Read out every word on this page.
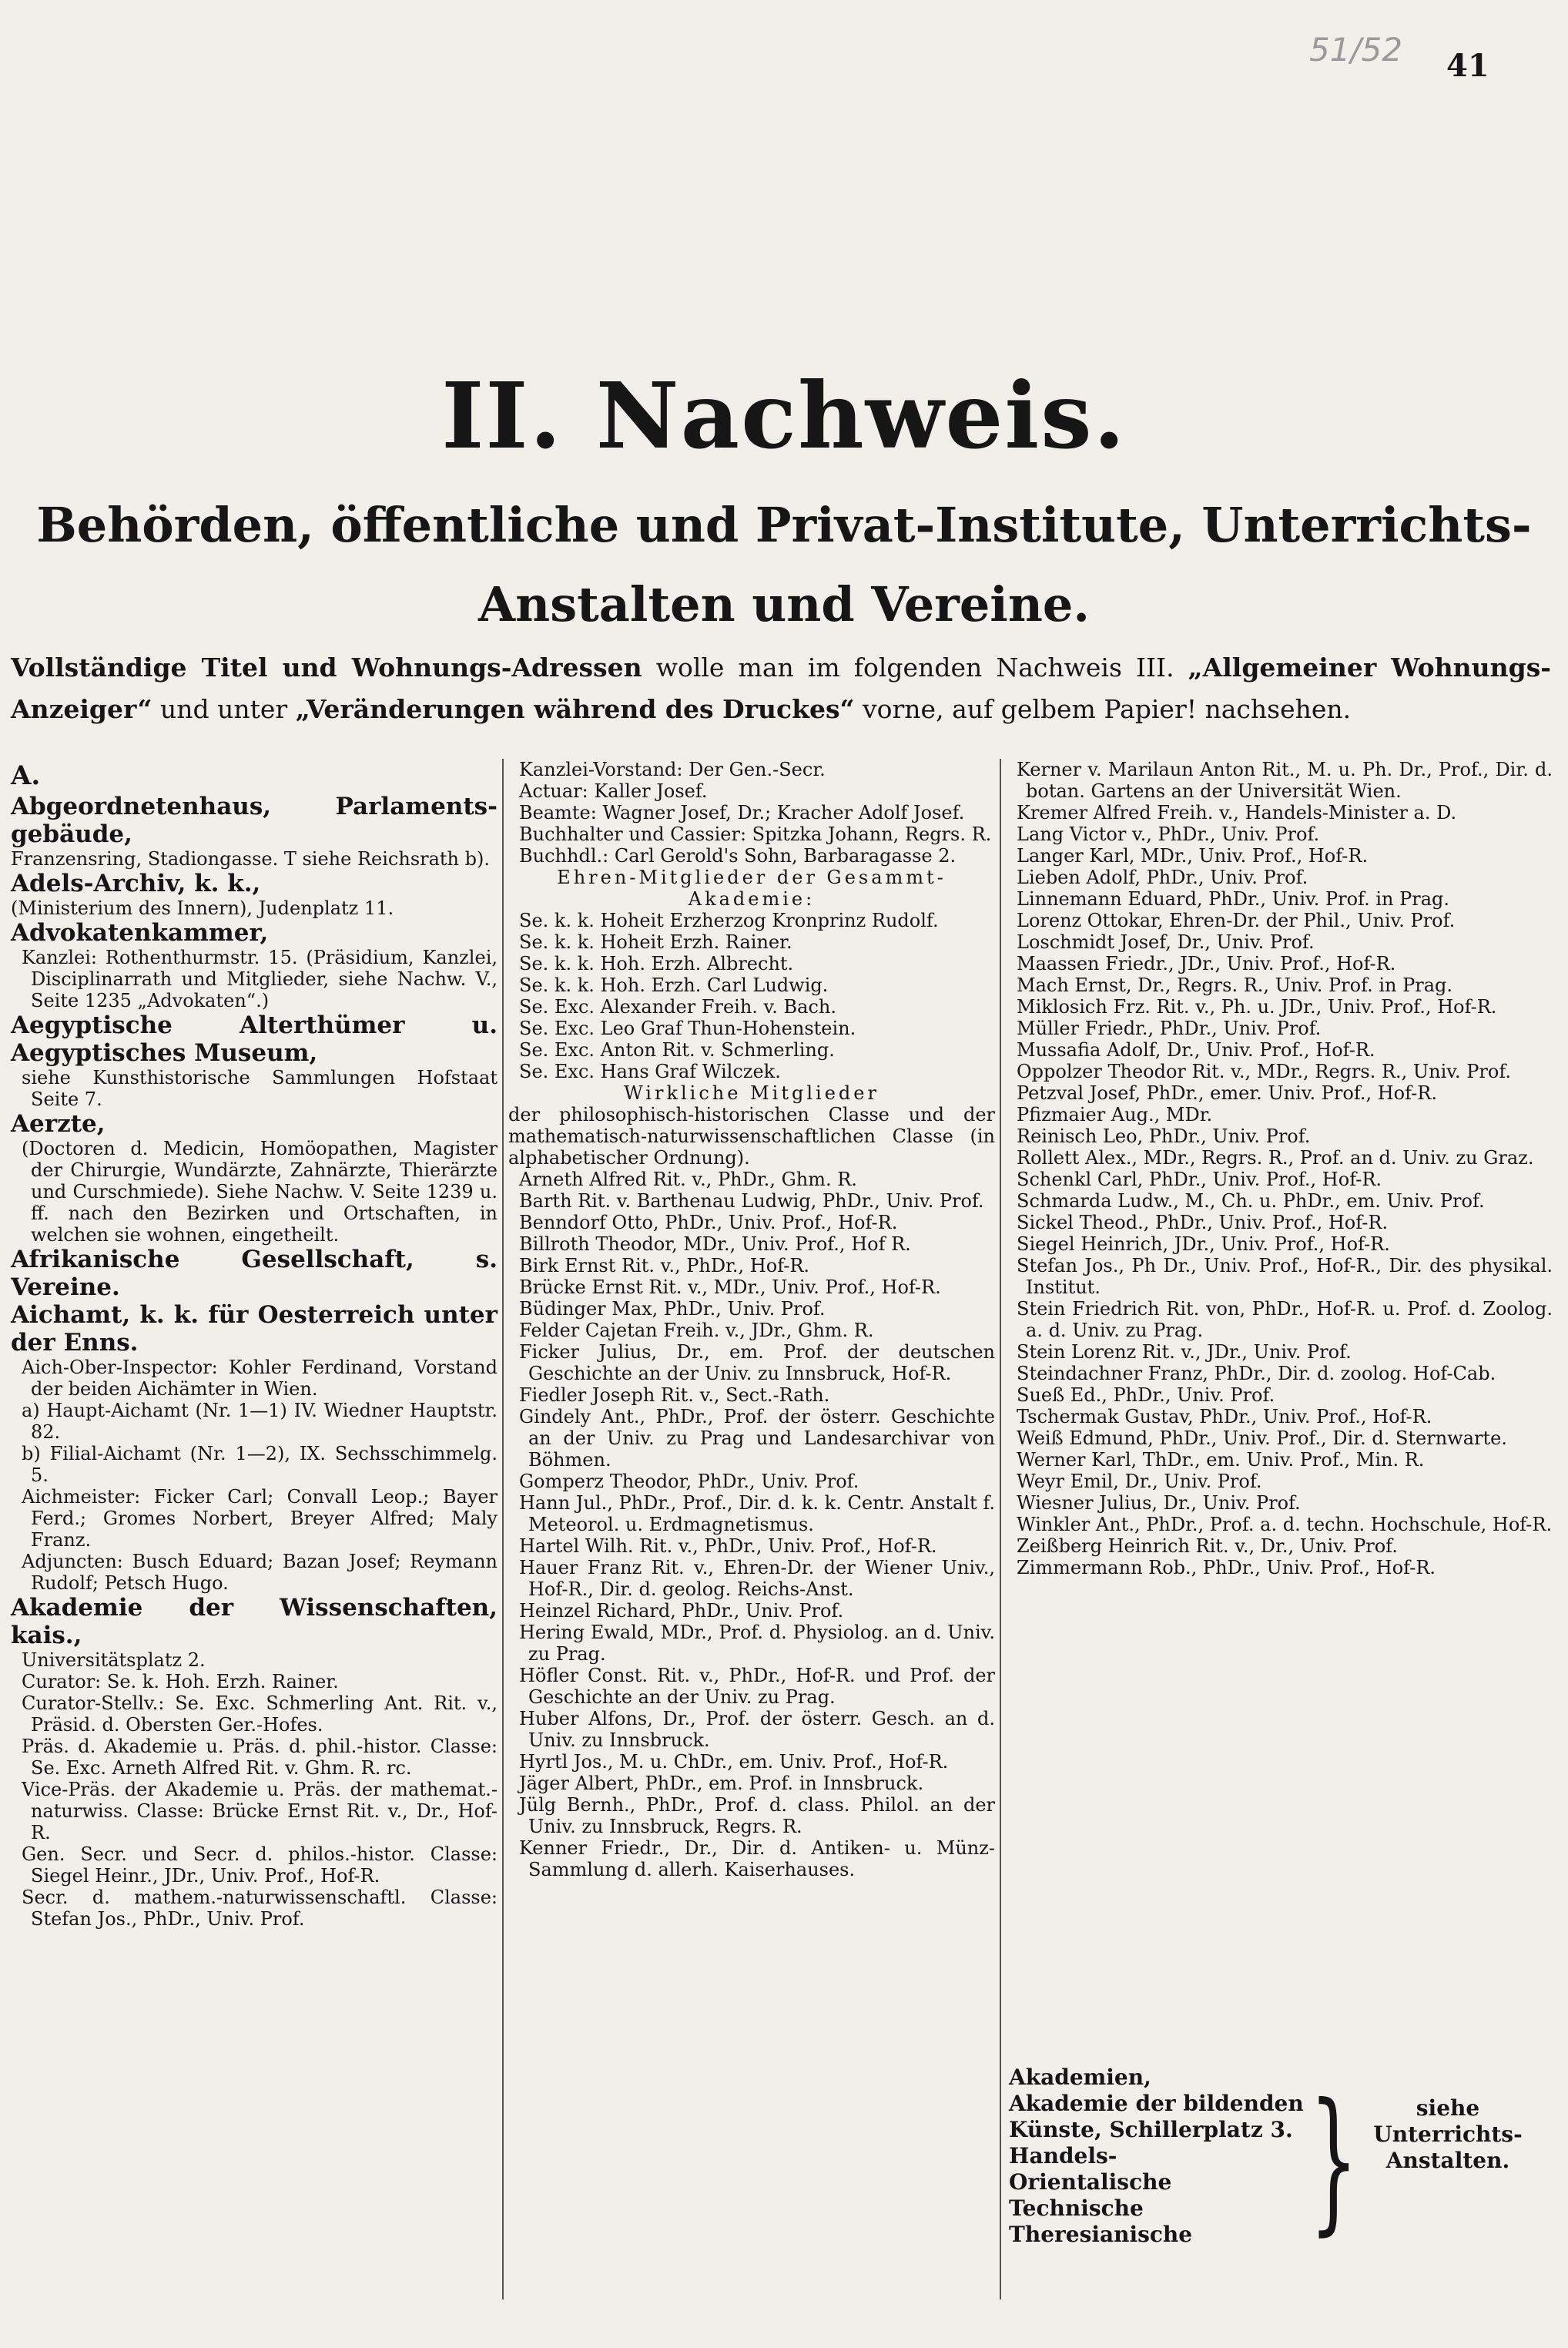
51/52 41
II. Nachweis.
Behörden, öffentliche und Privat-Institute, Unterrichts-
Anstalten und Vereine.
Vollständige Titel und Wohnungs-Adressen wolle man im folgenden Nachweis III. „Allgemeiner Wohnungs-Anzeiger“ und unter „Veränderungen während des Druckes“ vorne, auf gelbem Papier! nachsehen.

A.

Abgeordnetenhaus, Parlaments-gebäude,

Franzensring, Stadiongasse. T siehe Reichsrath b).

Adels-Archiv, k. k.,

(Ministerium des Innern), Judenplatz 11.

Advokatenkammer,

Kanzlei: Rothenthurmstr. 15. (Präsidium, Kanzlei, Disciplinarrath und Mitglieder, siehe Nachw. V., Seite 1235 „Advokaten“.)

Aegyptische Alterthümer u. Aegyptisches Museum,

siehe Kunsthistorische Sammlungen Hofstaat Seite 7.

Aerzte,

(Doctoren d. Medicin, Homöopathen, Magister der Chirurgie, Wundärzte, Zahnärzte, Thierärzte und Curschmiede). Siehe Nachw. V. Seite 1239 u. ff. nach den Bezirken und Ortschaften, in welchen sie wohnen, eingetheilt.

Afrikanische Gesellschaft, s. Vereine.

Aichamt, k. k. für Oesterreich unter der Enns.

Aich-Ober-Inspector: Kohler Ferdinand, Vorstand der beiden Aichämter in Wien.

a) Haupt-Aichamt (Nr. 1—1) IV. Wiedner Hauptstr. 82.

b) Filial-Aichamt (Nr. 1—2), IX. Sechsschimmelg. 5.

Aichmeister: Ficker Carl; Convall Leop.; Bayer Ferd.; Gromes Norbert, Breyer Alfred; Maly Franz.

Adjuncten: Busch Eduard; Bazan Josef; Reymann Rudolf; Petsch Hugo.

Akademie der Wissenschaften, kais.,

Universitätsplatz 2.

Curator: Se. k. Hoh. Erzh. Rainer.

Curator-Stellv.: Se. Exc. Schmerling Ant. Rit. v., Präsid. d. Obersten Ger.-Hofes.

Präs. d. Akademie u. Präs. d. phil.-histor. Classe: Se. Exc. Arneth Alfred Rit. v. Ghm. R. rc.

Vice-Präs. der Akademie u. Präs. der mathemat.-naturwiss. Classe: Brücke Ernst Rit. v., Dr., Hof-R.

Gen. Secr. und Secr. d. philos.-histor. Classe: Siegel Heinr., JDr., Univ. Prof., Hof-R.

Secr. d. mathem.-naturwissenschaftl. Classe: Stefan Jos., PhDr., Univ. Prof.

Kanzlei-Vorstand: Der Gen.-Secr.

Actuar: Kaller Josef.

Beamte: Wagner Josef, Dr.; Kracher Adolf Josef.

Buchhalter und Cassier: Spitzka Johann, Regrs. R.

Buchhdl.: Carl Gerold's Sohn, Barbaragasse 2.

Ehren-Mitglieder der Gesammt-Akademie:

Se. k. k. Hoheit Erzherzog Kronprinz Rudolf.

Se. k. k. Hoheit Erzh. Rainer.

Se. k. k. Hoh. Erzh. Albrecht.

Se. k. k. Hoh. Erzh. Carl Ludwig.

Se. Exc. Alexander Freih. v. Bach.

Se. Exc. Leo Graf Thun-Hohenstein.

Se. Exc. Anton Rit. v. Schmerling.

Se. Exc. Hans Graf Wilczek.

Wirkliche Mitglieder

der philosophisch-historischen Classe und der mathematisch-naturwissenschaftlichen Classe (in alphabetischer Ordnung).

Arneth Alfred Rit. v., PhDr., Ghm. R.

Barth Rit. v. Barthenau Ludwig, PhDr., Univ. Prof.

Benndorf Otto, PhDr., Univ. Prof., Hof-R.

Billroth Theodor, MDr., Univ. Prof., Hof R.

Birk Ernst Rit. v., PhDr., Hof-R.

Brücke Ernst Rit. v., MDr., Univ. Prof., Hof-R.

Büdinger Max, PhDr., Univ. Prof.

Felder Cajetan Freih. v., JDr., Ghm. R.

Ficker Julius, Dr., em. Prof. der deutschen Geschichte an der Univ. zu Innsbruck, Hof-R.

Fiedler Joseph Rit. v., Sect.-Rath.

Gindely Ant., PhDr., Prof. der österr. Geschichte an der Univ. zu Prag und Landesarchivar von Böhmen.

Gomperz Theodor, PhDr., Univ. Prof.

Hann Jul., PhDr., Prof., Dir. d. k. k. Centr. Anstalt f. Meteorol. u. Erdmagnetismus.

Hartel Wilh. Rit. v., PhDr., Univ. Prof., Hof-R.

Hauer Franz Rit. v., Ehren-Dr. der Wiener Univ., Hof-R., Dir. d. geolog. Reichs-Anst.

Heinzel Richard, PhDr., Univ. Prof.

Hering Ewald, MDr., Prof. d. Physiolog. an d. Univ. zu Prag.

Höfler Const. Rit. v., PhDr., Hof-R. und Prof. der Geschichte an der Univ. zu Prag.

Huber Alfons, Dr., Prof. der österr. Gesch. an d. Univ. zu Innsbruck.

Hyrtl Jos., M. u. ChDr., em. Univ. Prof., Hof-R.

Jäger Albert, PhDr., em. Prof. in Innsbruck.

Jülg Bernh., PhDr., Prof. d. class. Philol. an der Univ. zu Innsbruck, Regrs. R.

Kenner Friedr., Dr., Dir. d. Antiken- u. Münz-Sammlung d. allerh. Kaiserhauses.

Kerner v. Marilaun Anton Rit., M. u. Ph. Dr., Prof., Dir. d. botan. Gartens an der Universität Wien.

Kremer Alfred Freih. v., Handels-Minister a. D.

Lang Victor v., PhDr., Univ. Prof.

Langer Karl, MDr., Univ. Prof., Hof-R.

Lieben Adolf, PhDr., Univ. Prof.

Linnemann Eduard, PhDr., Univ. Prof. in Prag.

Lorenz Ottokar, Ehren-Dr. der Phil., Univ. Prof.

Loschmidt Josef, Dr., Univ. Prof.

Maassen Friedr., JDr., Univ. Prof., Hof-R.

Mach Ernst, Dr., Regrs. R., Univ. Prof. in Prag.

Miklosich Frz. Rit. v., Ph. u. JDr., Univ. Prof., Hof-R.

Müller Friedr., PhDr., Univ. Prof.

Mussafia Adolf, Dr., Univ. Prof., Hof-R.

Oppolzer Theodor Rit. v., MDr., Regrs. R., Univ. Prof.

Petzval Josef, PhDr., emer. Univ. Prof., Hof-R.

Pfizmaier Aug., MDr.

Reinisch Leo, PhDr., Univ. Prof.

Rollett Alex., MDr., Regrs. R., Prof. an d. Univ. zu Graz.

Schenkl Carl, PhDr., Univ. Prof., Hof-R.

Schmarda Ludw., M., Ch. u. PhDr., em. Univ. Prof.

Sickel Theod., PhDr., Univ. Prof., Hof-R.

Siegel Heinrich, JDr., Univ. Prof., Hof-R.

Stefan Jos., Ph Dr., Univ. Prof., Hof-R., Dir. des physikal. Institut.

Stein Friedrich Rit. von, PhDr., Hof-R. u. Prof. d. Zoolog. a. d. Univ. zu Prag.

Stein Lorenz Rit. v., JDr., Univ. Prof.

Steindachner Franz, PhDr., Dir. d. zoolog. Hof-Cab.

Sueß Ed., PhDr., Univ. Prof.

Tschermak Gustav, PhDr., Univ. Prof., Hof-R.

Weiß Edmund, PhDr., Univ. Prof., Dir. d. Sternwarte.

Werner Karl, ThDr., em. Univ. Prof., Min. R.

Weyr Emil, Dr., Univ. Prof.

Wiesner Julius, Dr., Univ. Prof.

Winkler Ant., PhDr., Prof. a. d. techn. Hochschule, Hof-R.

Zeißberg Heinrich Rit. v., Dr., Univ. Prof.

Zimmermann Rob., PhDr., Univ. Prof., Hof-R.

Akademien,
Akademie der bildenden Künste, Schillerplatz 3.
Handels-
Orientalische
Technische
Theresianische }	siehe
Unterrichts-
Anstalten.
